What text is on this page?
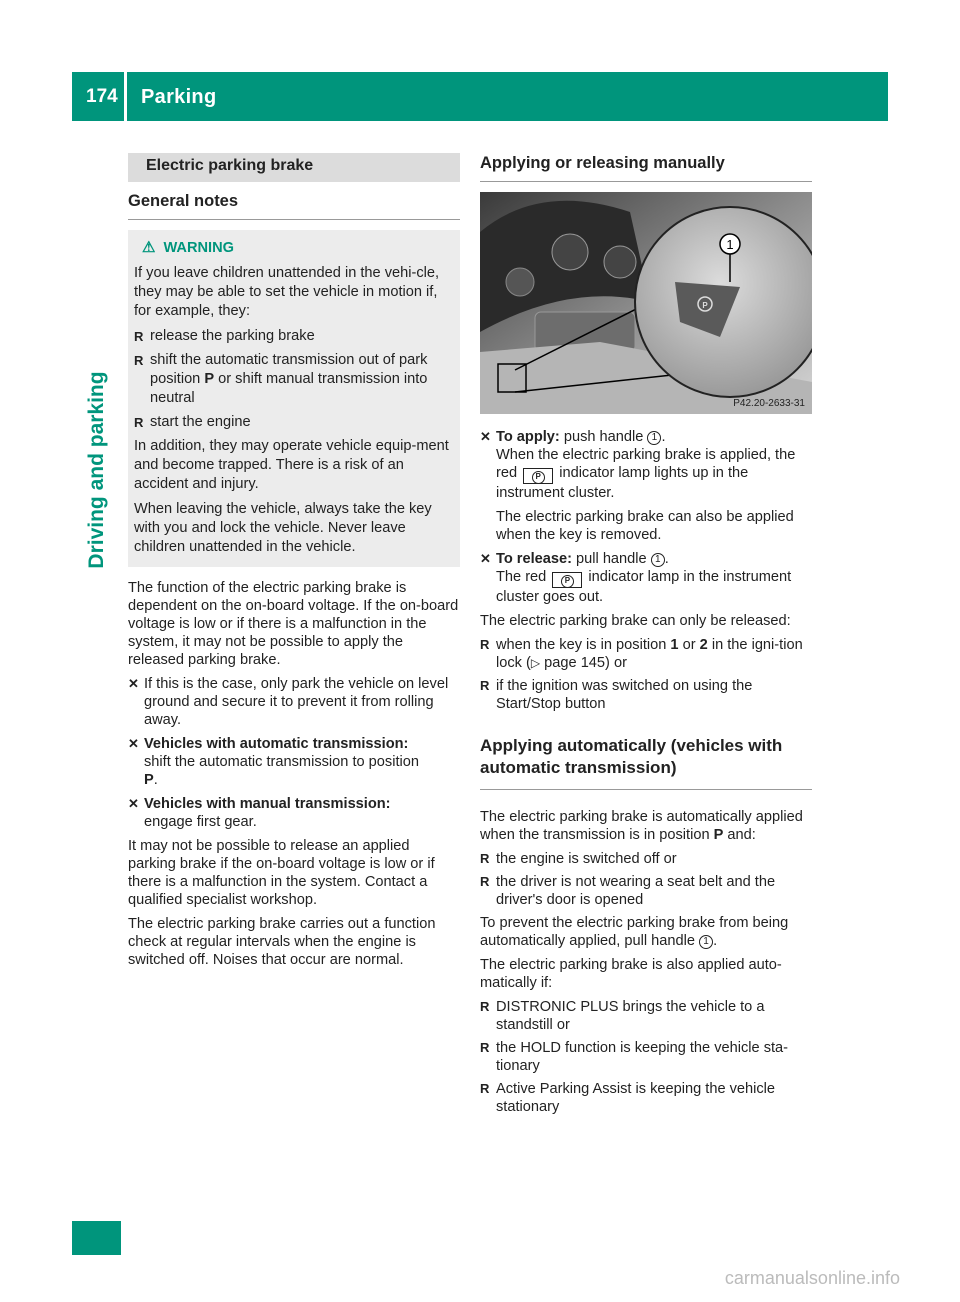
174	Parking
Driving and parking
Electric parking brake
General notes
⚠ WARNING

If you leave children unattended in the vehi-cle, they may be able to set the vehicle in motion if, for example, they:

R release the parking brake
R shift the automatic transmission out of park position P or shift manual transmission into neutral
R start the engine

In addition, they may operate vehicle equip-ment and become trapped. There is a risk of an accident and injury.

When leaving the vehicle, always take the key with you and lock the vehicle. Never leave children unattended in the vehicle.

The function of the electric parking brake is dependent on the on-board voltage. If the on-board voltage is low or if there is a malfunction in the system, it may not be possible to apply the released parking brake.

✕ If this is the case, only park the vehicle on level ground and secure it to prevent it from rolling away.
✕ Vehicles with automatic transmission:
shift the automatic transmission to position
P.
✕ Vehicles with manual transmission:
engage first gear.

It may not be possible to release an applied parking brake if the on-board voltage is low or if there is a malfunction in the system. Contact a qualified specialist workshop.

The electric parking brake carries out a function check at regular intervals when the engine is switched off. Noises that occur are normal.

Applying or releasing manually
P
1
P42.20-2633-31
✕ To apply: push handle 1 .
When the electric parking brake is applied, the red P indicator lamp lights up in the instrument cluster.

The electric parking brake can also be applied when the key is removed.

✕ To release: pull handle 1 .
The red P indicator lamp in the instrument cluster goes out.

The electric parking brake can only be released:

R when the key is in position 1 or 2 in the igni-tion lock (▷ page 145) or
R if the ignition was switched on using the Start/Stop button
Applying automatically (vehicles with automatic transmission)

The electric parking brake is automatically applied when the transmission is in position P and:

R the engine is switched off or
R the driver is not wearing a seat belt and the driver's door is opened

To prevent the electric parking brake from being automatically applied, pull handle 1 .

The electric parking brake is also applied auto-matically if:

R DISTRONIC PLUS brings the vehicle to a standstill or
R the HOLD function is keeping the vehicle sta-tionary
R Active Parking Assist is keeping the vehicle stationary
carmanualsonline.info
